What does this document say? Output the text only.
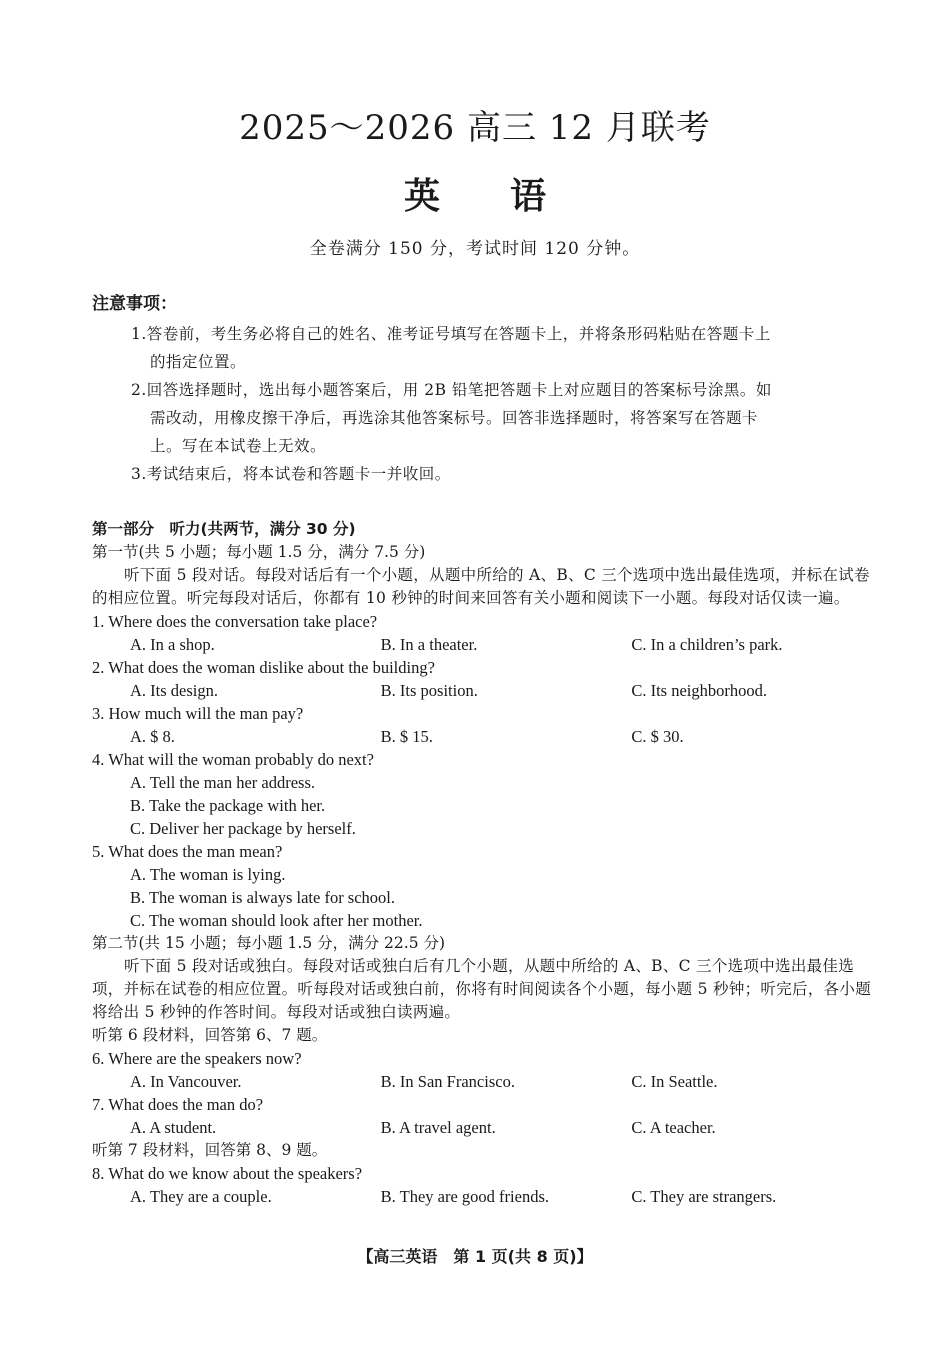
2025～2026 高三 12 月联考
英语
全卷满分 150 分，考试时间 120 分钟。
注意事项：
1.答卷前，考生务必将自己的姓名、准考证号填写在答题卡上，并将条形码粘贴在答题卡上
的指定位置。
2.回答选择题时，选出每小题答案后，用 2B 铅笔把答题卡上对应题目的答案标号涂黑。如
需改动，用橡皮擦干净后，再选涂其他答案标号。回答非选择题时，将答案写在答题卡
上。写在本试卷上无效。
3.考试结束后，将本试卷和答题卡一并收回。
第一部分　听力(共两节，满分 30 分)
第一节(共 5 小题；每小题 1.5 分，满分 7.5 分)
听下面 5 段对话。每段对话后有一个小题，从题中所给的 A、B、C 三个选项中选出最佳选项，并标在试卷的相应位置。听完每段对话后，你都有 10 秒钟的时间来回答有关小题和阅读下一小题。每段对话仅读一遍。
1. Where does the conversation take place?
A. In a shop.	B. In a theater.	C. In a children’s park.
2. What does the woman dislike about the building?
A. Its design.	B. Its position.	C. Its neighborhood.
3. How much will the man pay?
A. $ 8.	B. $ 15.	C. $ 30.
4. What will the woman probably do next?
A. Tell the man her address.
B. Take the package with her.
C. Deliver her package by herself.
5. What does the man mean?
A. The woman is lying.
B. The woman is always late for school.
C. The woman should look after her mother.
第二节(共 15 小题；每小题 1.5 分，满分 22.5 分)
听下面 5 段对话或独白。每段对话或独白后有几个小题，从题中所给的 A、B、C 三个选项中选出最佳选项，并标在试卷的相应位置。听每段对话或独白前，你将有时间阅读各个小题，每小题 5 秒钟；听完后，各小题将给出 5 秒钟的作答时间。每段对话或独白读两遍。
听第 6 段材料，回答第 6、7 题。
6. Where are the speakers now?
A. In Vancouver.	B. In San Francisco.	C. In Seattle.
7. What does the man do?
A. A student.	B. A travel agent.	C. A teacher.
听第 7 段材料，回答第 8、9 题。
8. What do we know about the speakers?
A. They are a couple.	B. They are good friends.	C. They are strangers.
【高三英语　第 1 页(共 8 页)】
